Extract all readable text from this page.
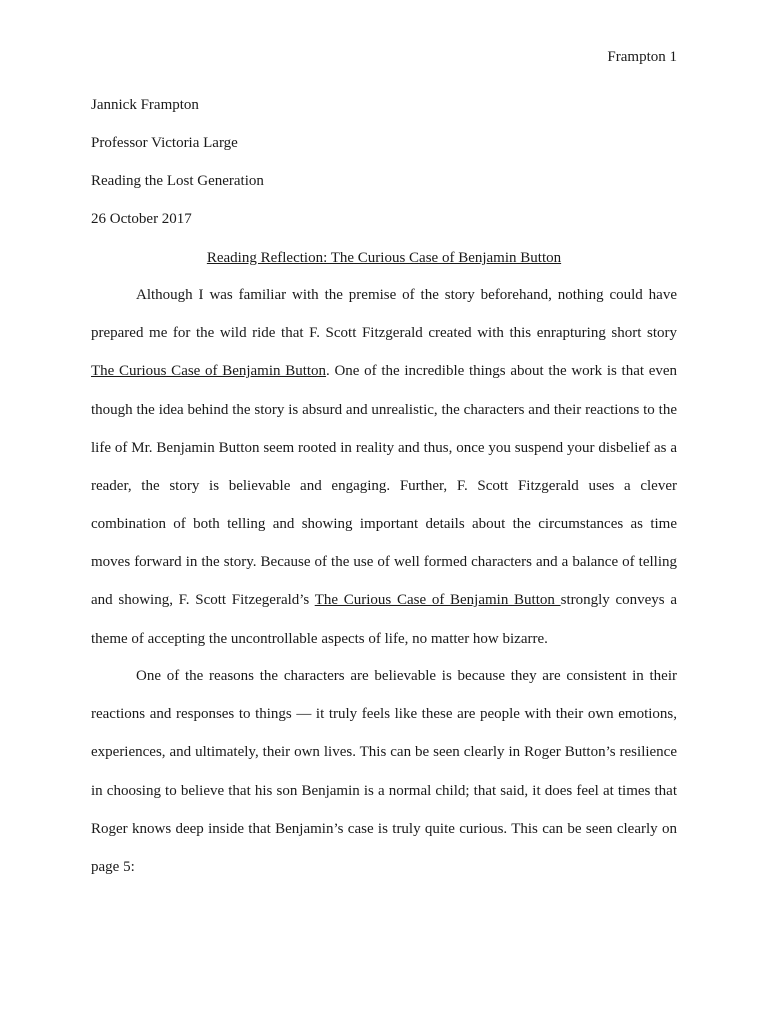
Frampton 1
Jannick Frampton
Professor Victoria Large
Reading the Lost Generation
26 October 2017
Reading Reflection: The Curious Case of Benjamin Button
Although I was familiar with the premise of the story beforehand, nothing could have
prepared me for the wild ride that F. Scott Fitzgerald created with this enrapturing short story
The Curious Case of Benjamin Button. One of the incredible things about the work is that even
though the idea behind the story is absurd and unrealistic, the characters and their reactions to the
life of Mr. Benjamin Button seem rooted in reality and thus, once you suspend your disbelief as a
reader, the story is believable and engaging. Further, F. Scott Fitzgerald uses a clever
combination of both telling and showing important details about the circumstances as time
moves forward in the story. Because of the use of well formed characters and a balance of telling
and showing, F. Scott Fitzegerald’s The Curious Case of Benjamin Button strongly conveys a
theme of accepting the uncontrollable aspects of life, no matter how bizarre.
One of the reasons the characters are believable is because they are consistent in their
reactions and responses to things — it truly feels like these are people with their own emotions,
experiences, and ultimately, their own lives. This can be seen clearly in Roger Button’s resilience
in choosing to believe that his son Benjamin is a normal child; that said, it does feel at times that
Roger knows deep inside that Benjamin’s case is truly quite curious. This can be seen clearly on
page 5:
